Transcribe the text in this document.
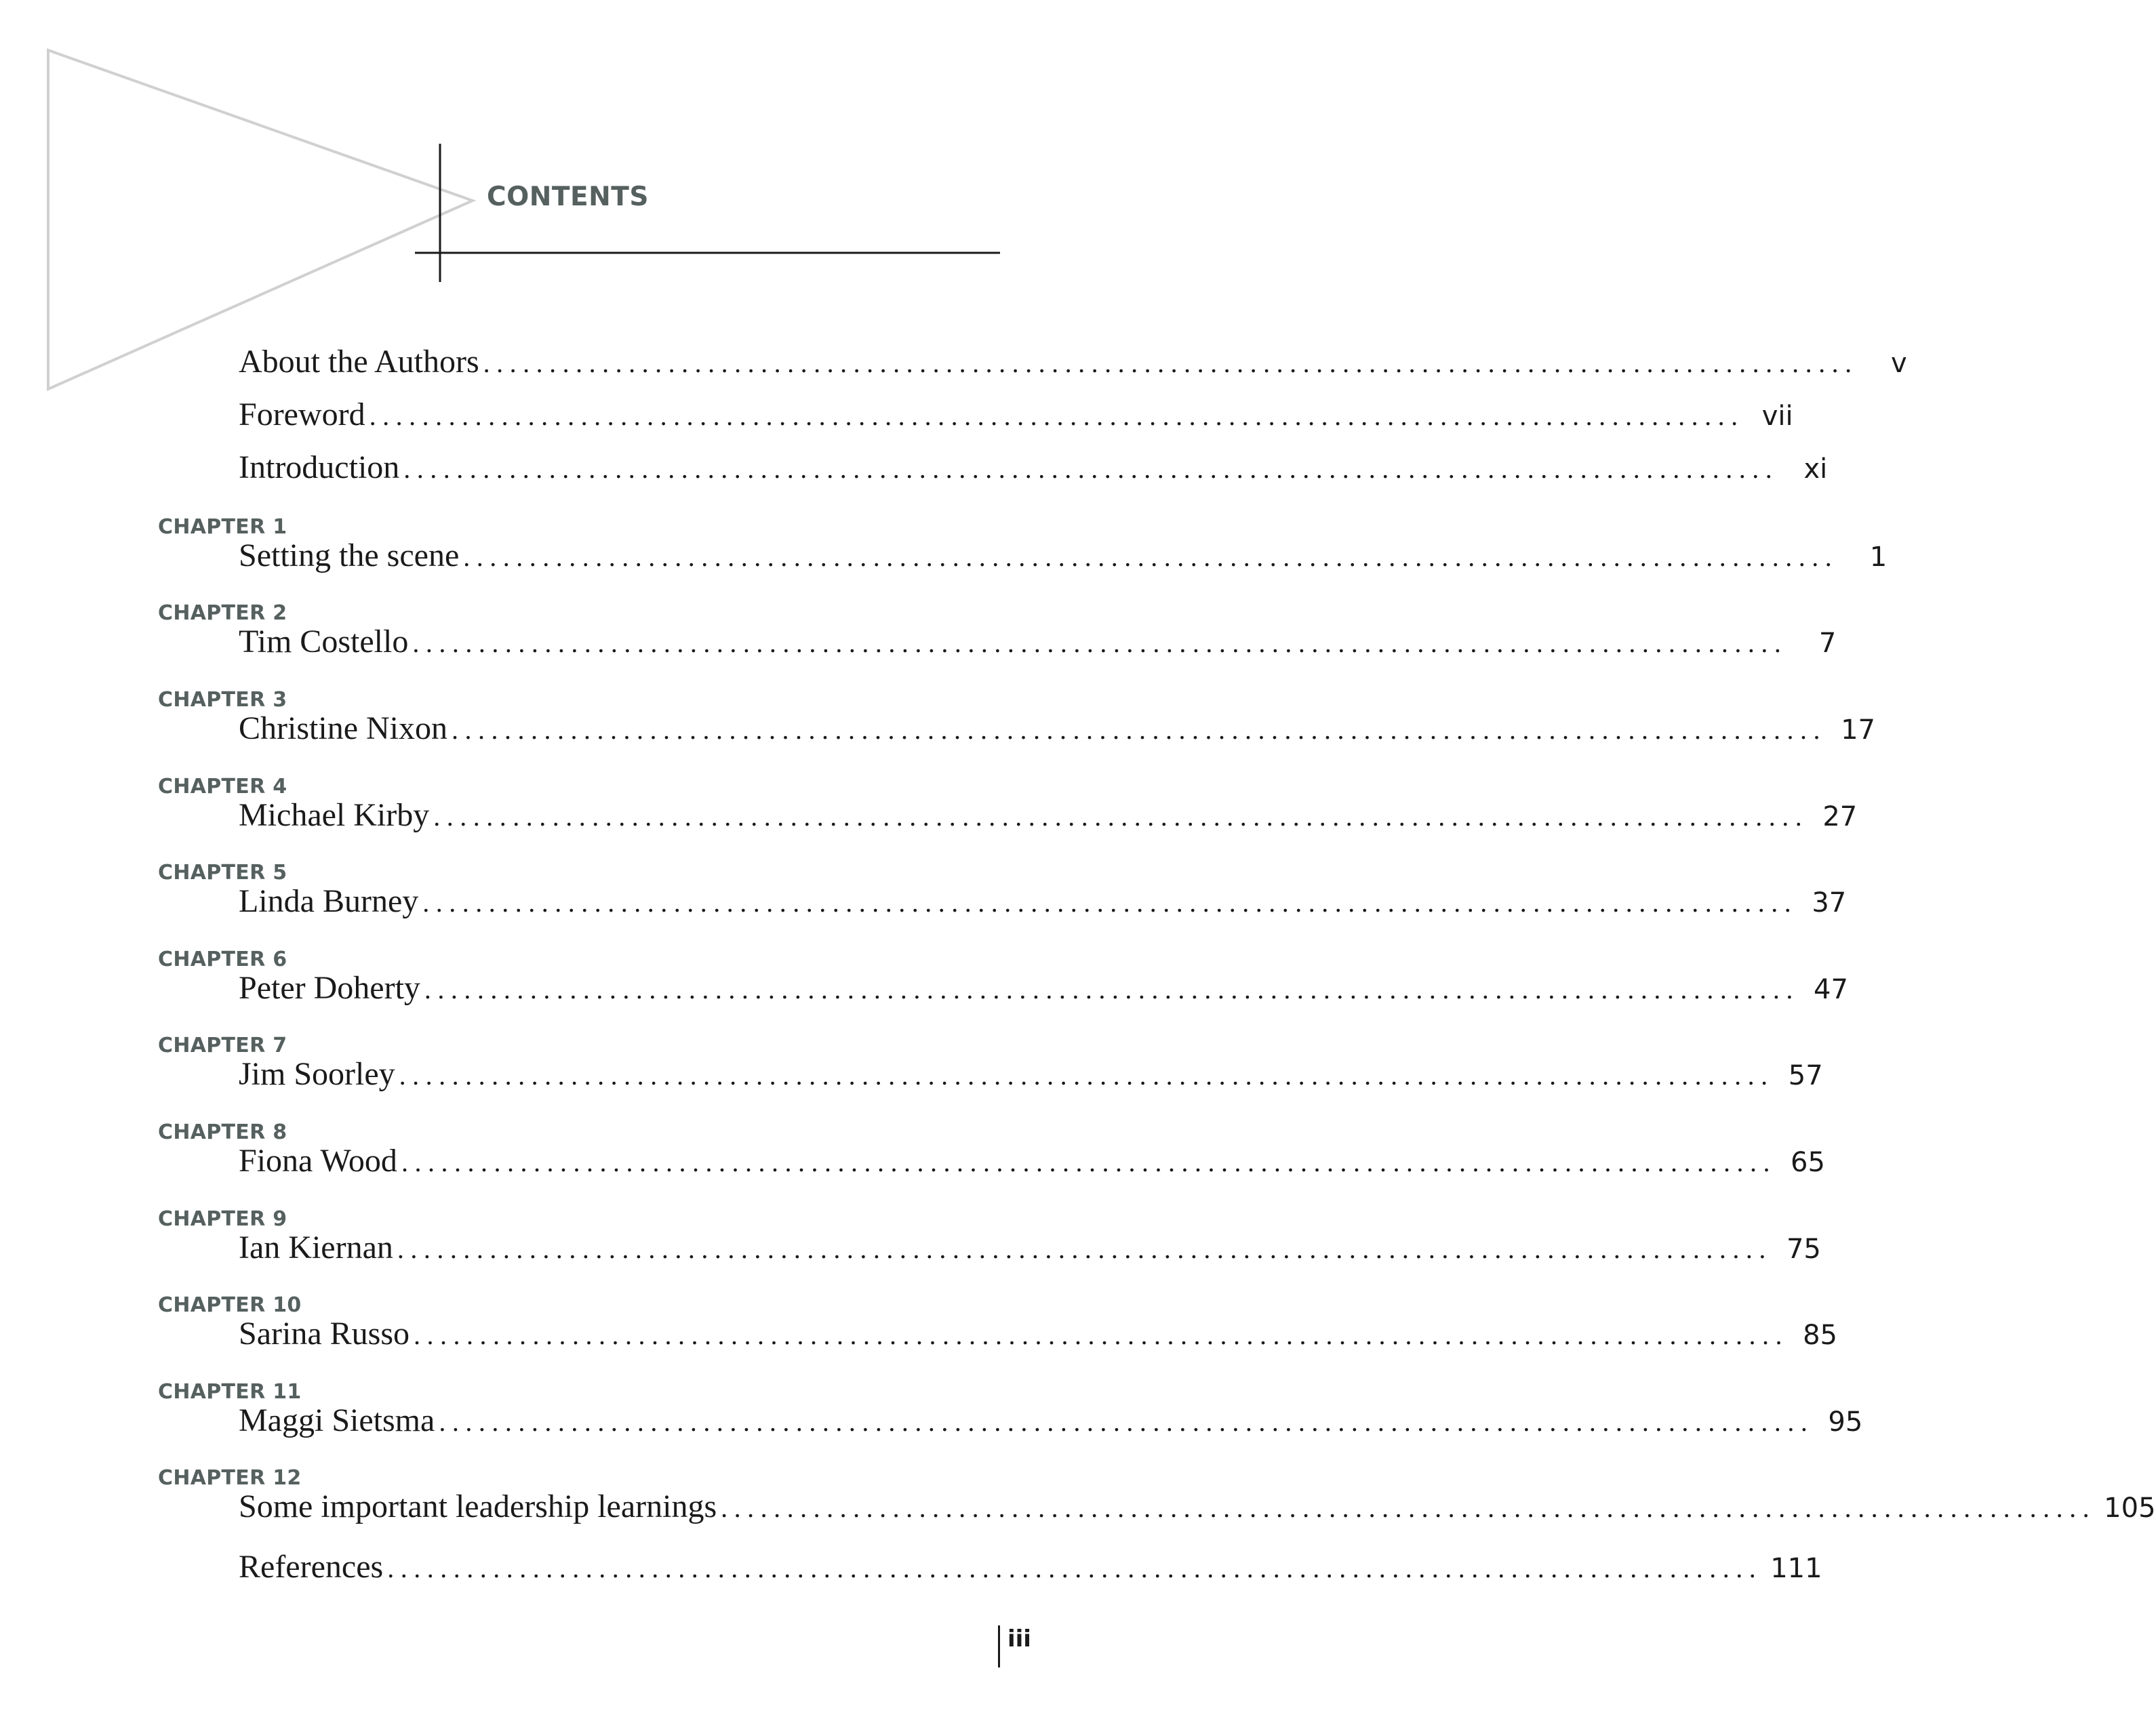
CONTENTS
About the Authors ........................................................................................................	v
Foreword ........................................................................................................ vii
Introduction ........................................................................................................ xi
CHAPTER 1
Setting the scene ........................................................................................................	1
CHAPTER 2
Tim Costello ........................................................................................................	7
CHAPTER 3
Christine Nixon ........................................................................................................ 17
CHAPTER 4
Michael Kirby ........................................................................................................ 27
CHAPTER 5
Linda Burney ........................................................................................................ 37
CHAPTER 6
Peter Doherty ........................................................................................................ 47
CHAPTER 7
Jim Soorley ........................................................................................................ 57
CHAPTER 8
Fiona Wood ........................................................................................................ 65
CHAPTER 9
Ian Kiernan ........................................................................................................ 75
CHAPTER 10
Sarina Russo ........................................................................................................ 85
CHAPTER 11
Maggi Sietsma ........................................................................................................ 95
CHAPTER 12
Some important leadership learnings ........................................................................................................ 105
References ........................................................................................................ 111
iii
